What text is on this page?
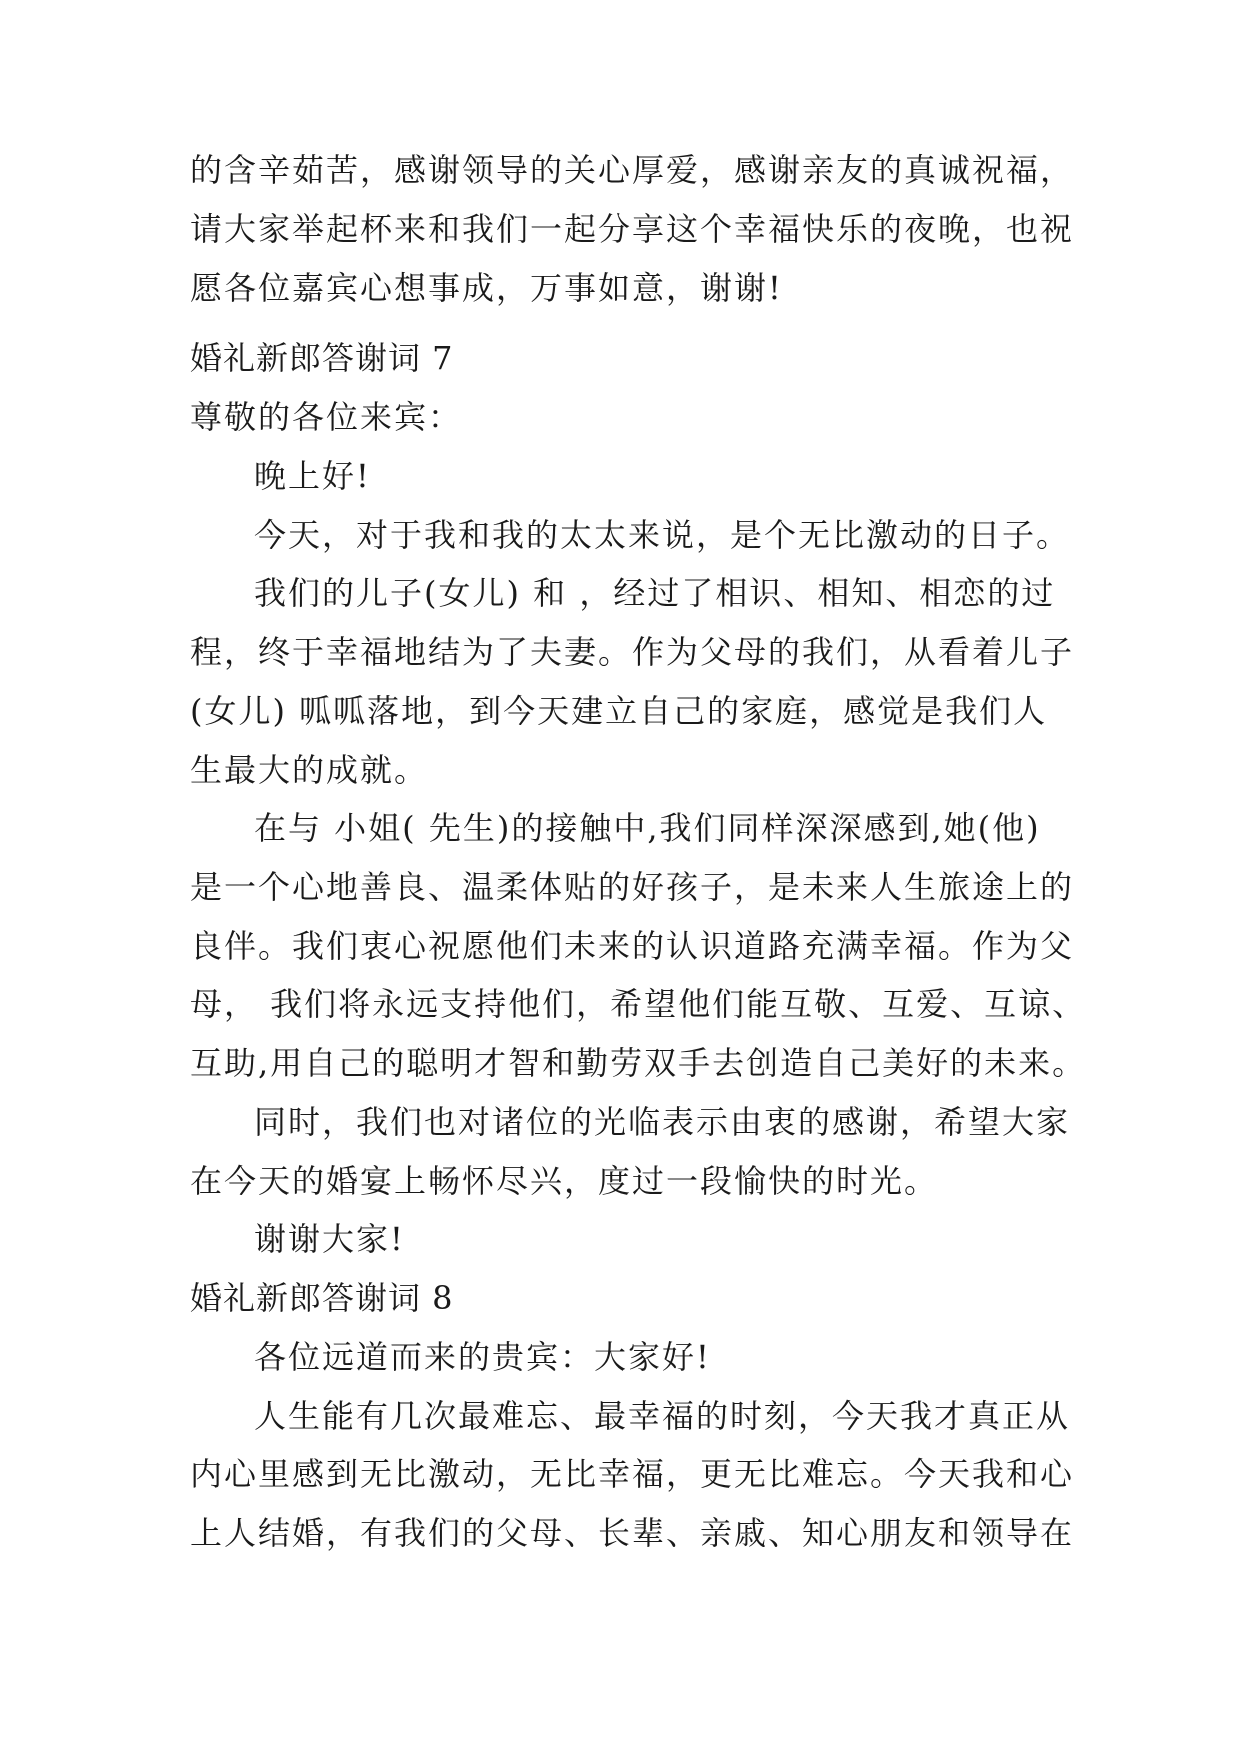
的含辛茹苦，感谢领导的关心厚爱，感谢亲友的真诚祝福，
请大家举起杯来和我们一起分享这个幸福快乐的夜晚，也祝
愿各位嘉宾心想事成，万事如意，谢谢!
婚礼新郎答谢词 7
尊敬的各位来宾：
晚上好!
今天，对于我和我的太太来说，是个无比激动的日子。
我们的儿子(女儿) 和 ，经过了相识、相知、相恋的过
程，终于幸福地结为了夫妻。作为父母的我们，从看着儿子
(女儿) 呱呱落地，到今天建立自己的家庭，感觉是我们人
生最大的成就。
在与 小姐( 先生)的接触中,我们同样深深感到,她(他)
是一个心地善良、温柔体贴的好孩子，是未来人生旅途上的
良伴。我们衷心祝愿他们未来的认识道路充满幸福。作为父
母， 我们将永远支持他们，希望他们能互敬、互爱、互谅、
互助,用自己的聪明才智和勤劳双手去创造自己美好的未来。
同时，我们也对诸位的光临表示由衷的感谢，希望大家
在今天的婚宴上畅怀尽兴，度过一段愉快的时光。
谢谢大家!
婚礼新郎答谢词 8
各位远道而来的贵宾：大家好!
人生能有几次最难忘、最幸福的时刻，今天我才真正从
内心里感到无比激动，无比幸福，更无比难忘。今天我和心
上人结婚，有我们的父母、长辈、亲戚、知心朋友和领导在
